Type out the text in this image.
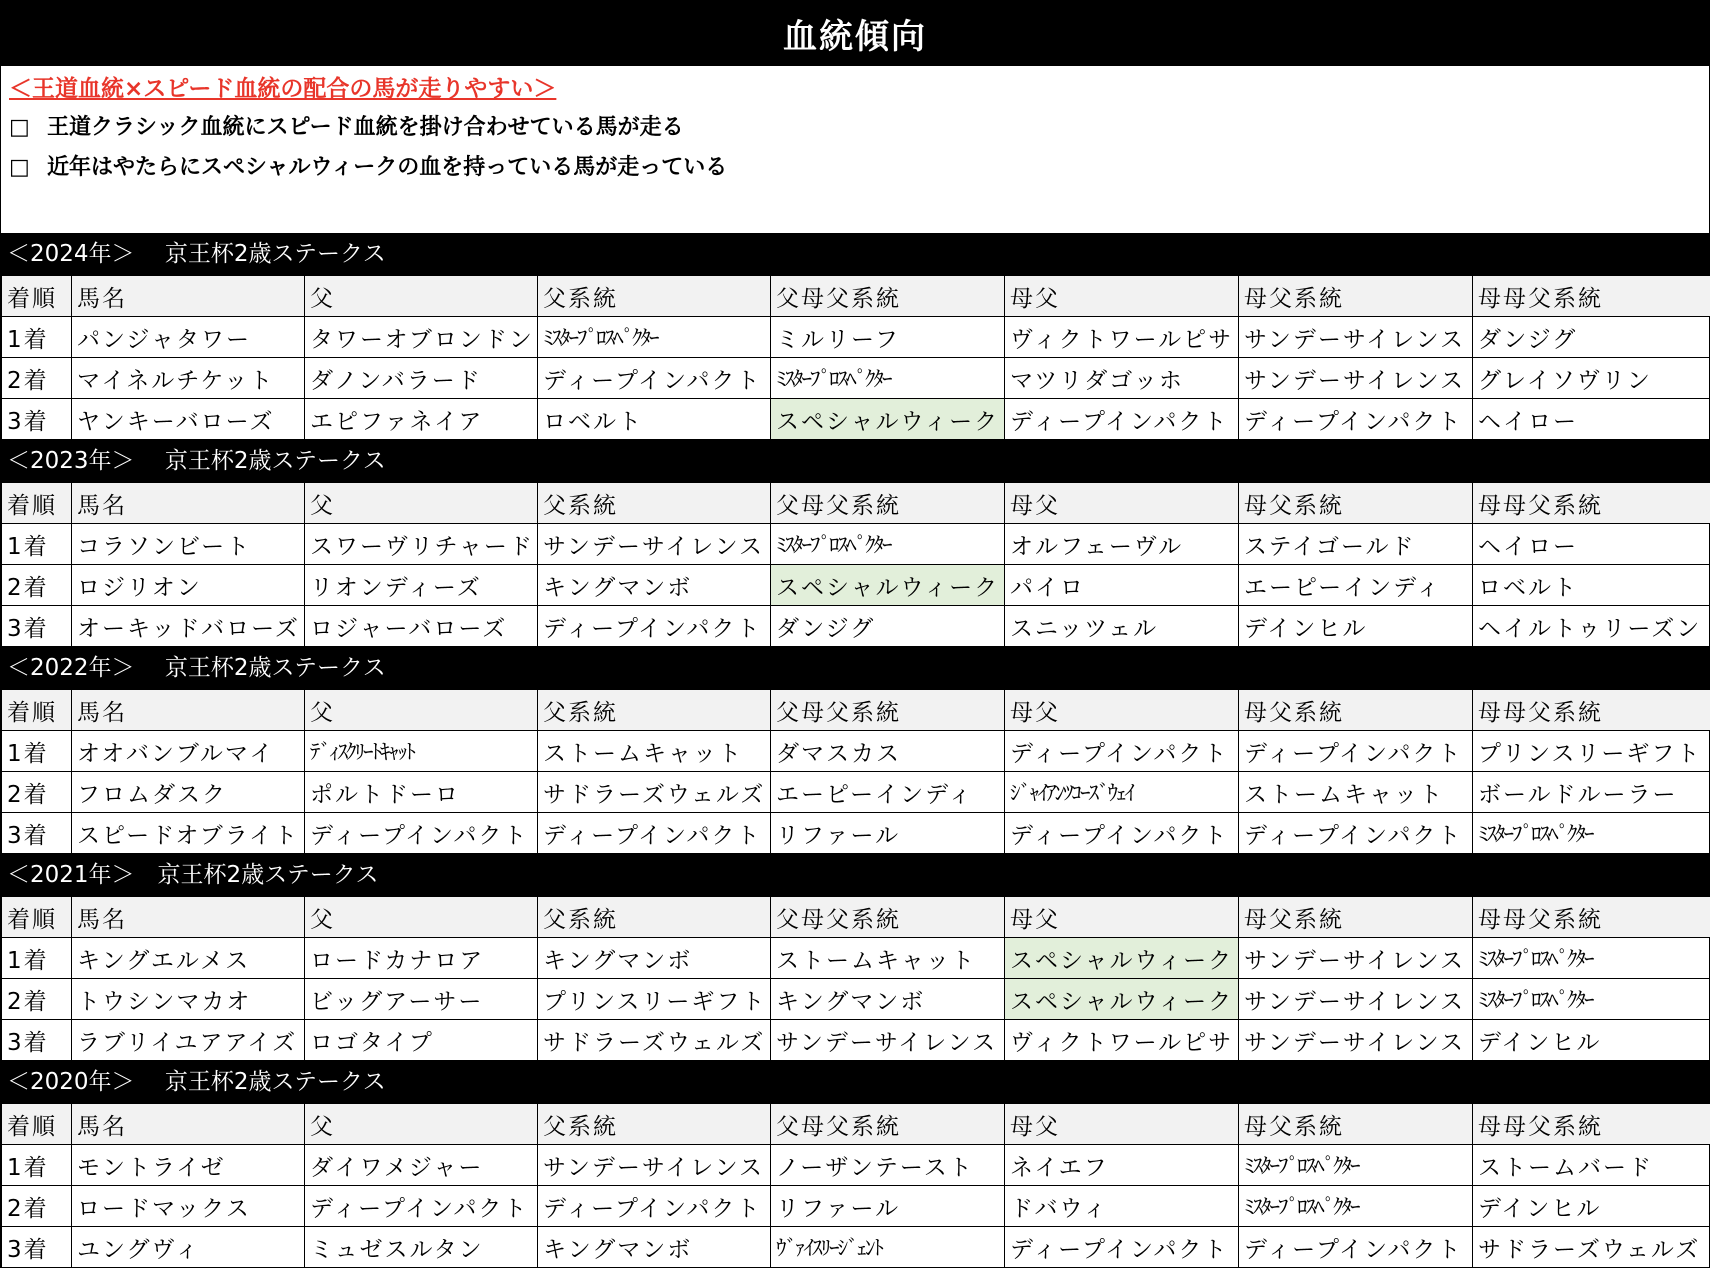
血統傾向
＜王道血統×スピード血統の配合の馬が走りやすい＞
□ 王道クラシック血統にスピード血統を掛け合わせている馬が走る
□ 近年はやたらにスペシャルウィークの血を持っている馬が走っている
＜2024年＞　 京王杯2歳ステークス
着順	馬名	父	父系統	父母父系統	母父	母父系統	母母父系統
1着	パンジャタワー	タワーオブロンドン	ﾐｽﾀｰﾌﾟﾛｽﾍﾟｸﾀｰ	ミルリーフ	ヴィクトワールピサ	サンデーサイレンス	ダンジグ
2着	マイネルチケット	ダノンバラード	ディープインパクト	ﾐｽﾀｰﾌﾟﾛｽﾍﾟｸﾀｰ	マツリダゴッホ	サンデーサイレンス	グレイソヴリン
3着	ヤンキーバローズ	エピファネイア	ロベルト	スペシャルウィーク	ディープインパクト	ディープインパクト	ヘイロー
＜2023年＞　 京王杯2歳ステークス
着順	馬名	父	父系統	父母父系統	母父	母父系統	母母父系統
1着	コラソンビート	スワーヴリチャード	サンデーサイレンス	ﾐｽﾀｰﾌﾟﾛｽﾍﾟｸﾀｰ	オルフェーヴル	ステイゴールド	ヘイロー
2着	ロジリオン	リオンディーズ	キングマンボ	スペシャルウィーク	パイロ	エーピーインディ	ロベルト
3着	オーキッドバローズ	ロジャーバローズ	ディープインパクト	ダンジグ	スニッツェル	デインヒル	ヘイルトゥリーズン
＜2022年＞　 京王杯2歳ステークス
着順	馬名	父	父系統	父母父系統	母父	母父系統	母母父系統
1着	オオバンブルマイ	ﾃﾞｨｽｸﾘｰﾄｷｬｯﾄ	ストームキャット	ダマスカス	ディープインパクト	ディープインパクト	プリンスリーギフト
2着	フロムダスク	ポルトドーロ	サドラーズウェルズ	エーピーインディ	ｼﾞｬｲｱﾝﾂｺｰｽﾞｳｪｲ	ストームキャット	ボールドルーラー
3着	スピードオブライト	ディープインパクト	ディープインパクト	リファール	ディープインパクト	ディープインパクト	ﾐｽﾀｰﾌﾟﾛｽﾍﾟｸﾀｰ
＜2021年＞　京王杯2歳ステークス
着順	馬名	父	父系統	父母父系統	母父	母父系統	母母父系統
1着	キングエルメス	ロードカナロア	キングマンボ	ストームキャット	スペシャルウィーク	サンデーサイレンス	ﾐｽﾀｰﾌﾟﾛｽﾍﾟｸﾀｰ
2着	トウシンマカオ	ビッグアーサー	プリンスリーギフト	キングマンボ	スペシャルウィーク	サンデーサイレンス	ﾐｽﾀｰﾌﾟﾛｽﾍﾟｸﾀｰ
3着	ラブリイユアアイズ	ロゴタイプ	サドラーズウェルズ	サンデーサイレンス	ヴィクトワールピサ	サンデーサイレンス	デインヒル
＜2020年＞　 京王杯2歳ステークス
着順	馬名	父	父系統	父母父系統	母父	母父系統	母母父系統
1着	モントライゼ	ダイワメジャー	サンデーサイレンス	ノーザンテースト	ネイエフ	ﾐｽﾀｰﾌﾟﾛｽﾍﾟｸﾀｰ	ストームバード
2着	ロードマックス	ディープインパクト	ディープインパクト	リファール	ドバウィ	ﾐｽﾀｰﾌﾟﾛｽﾍﾟｸﾀｰ	デインヒル
3着	ユングヴィ	ミュゼスルタン	キングマンボ	ｳﾞｧｲｽﾘｰｼﾞｪﾝﾄ	ディープインパクト	ディープインパクト	サドラーズウェルズ
